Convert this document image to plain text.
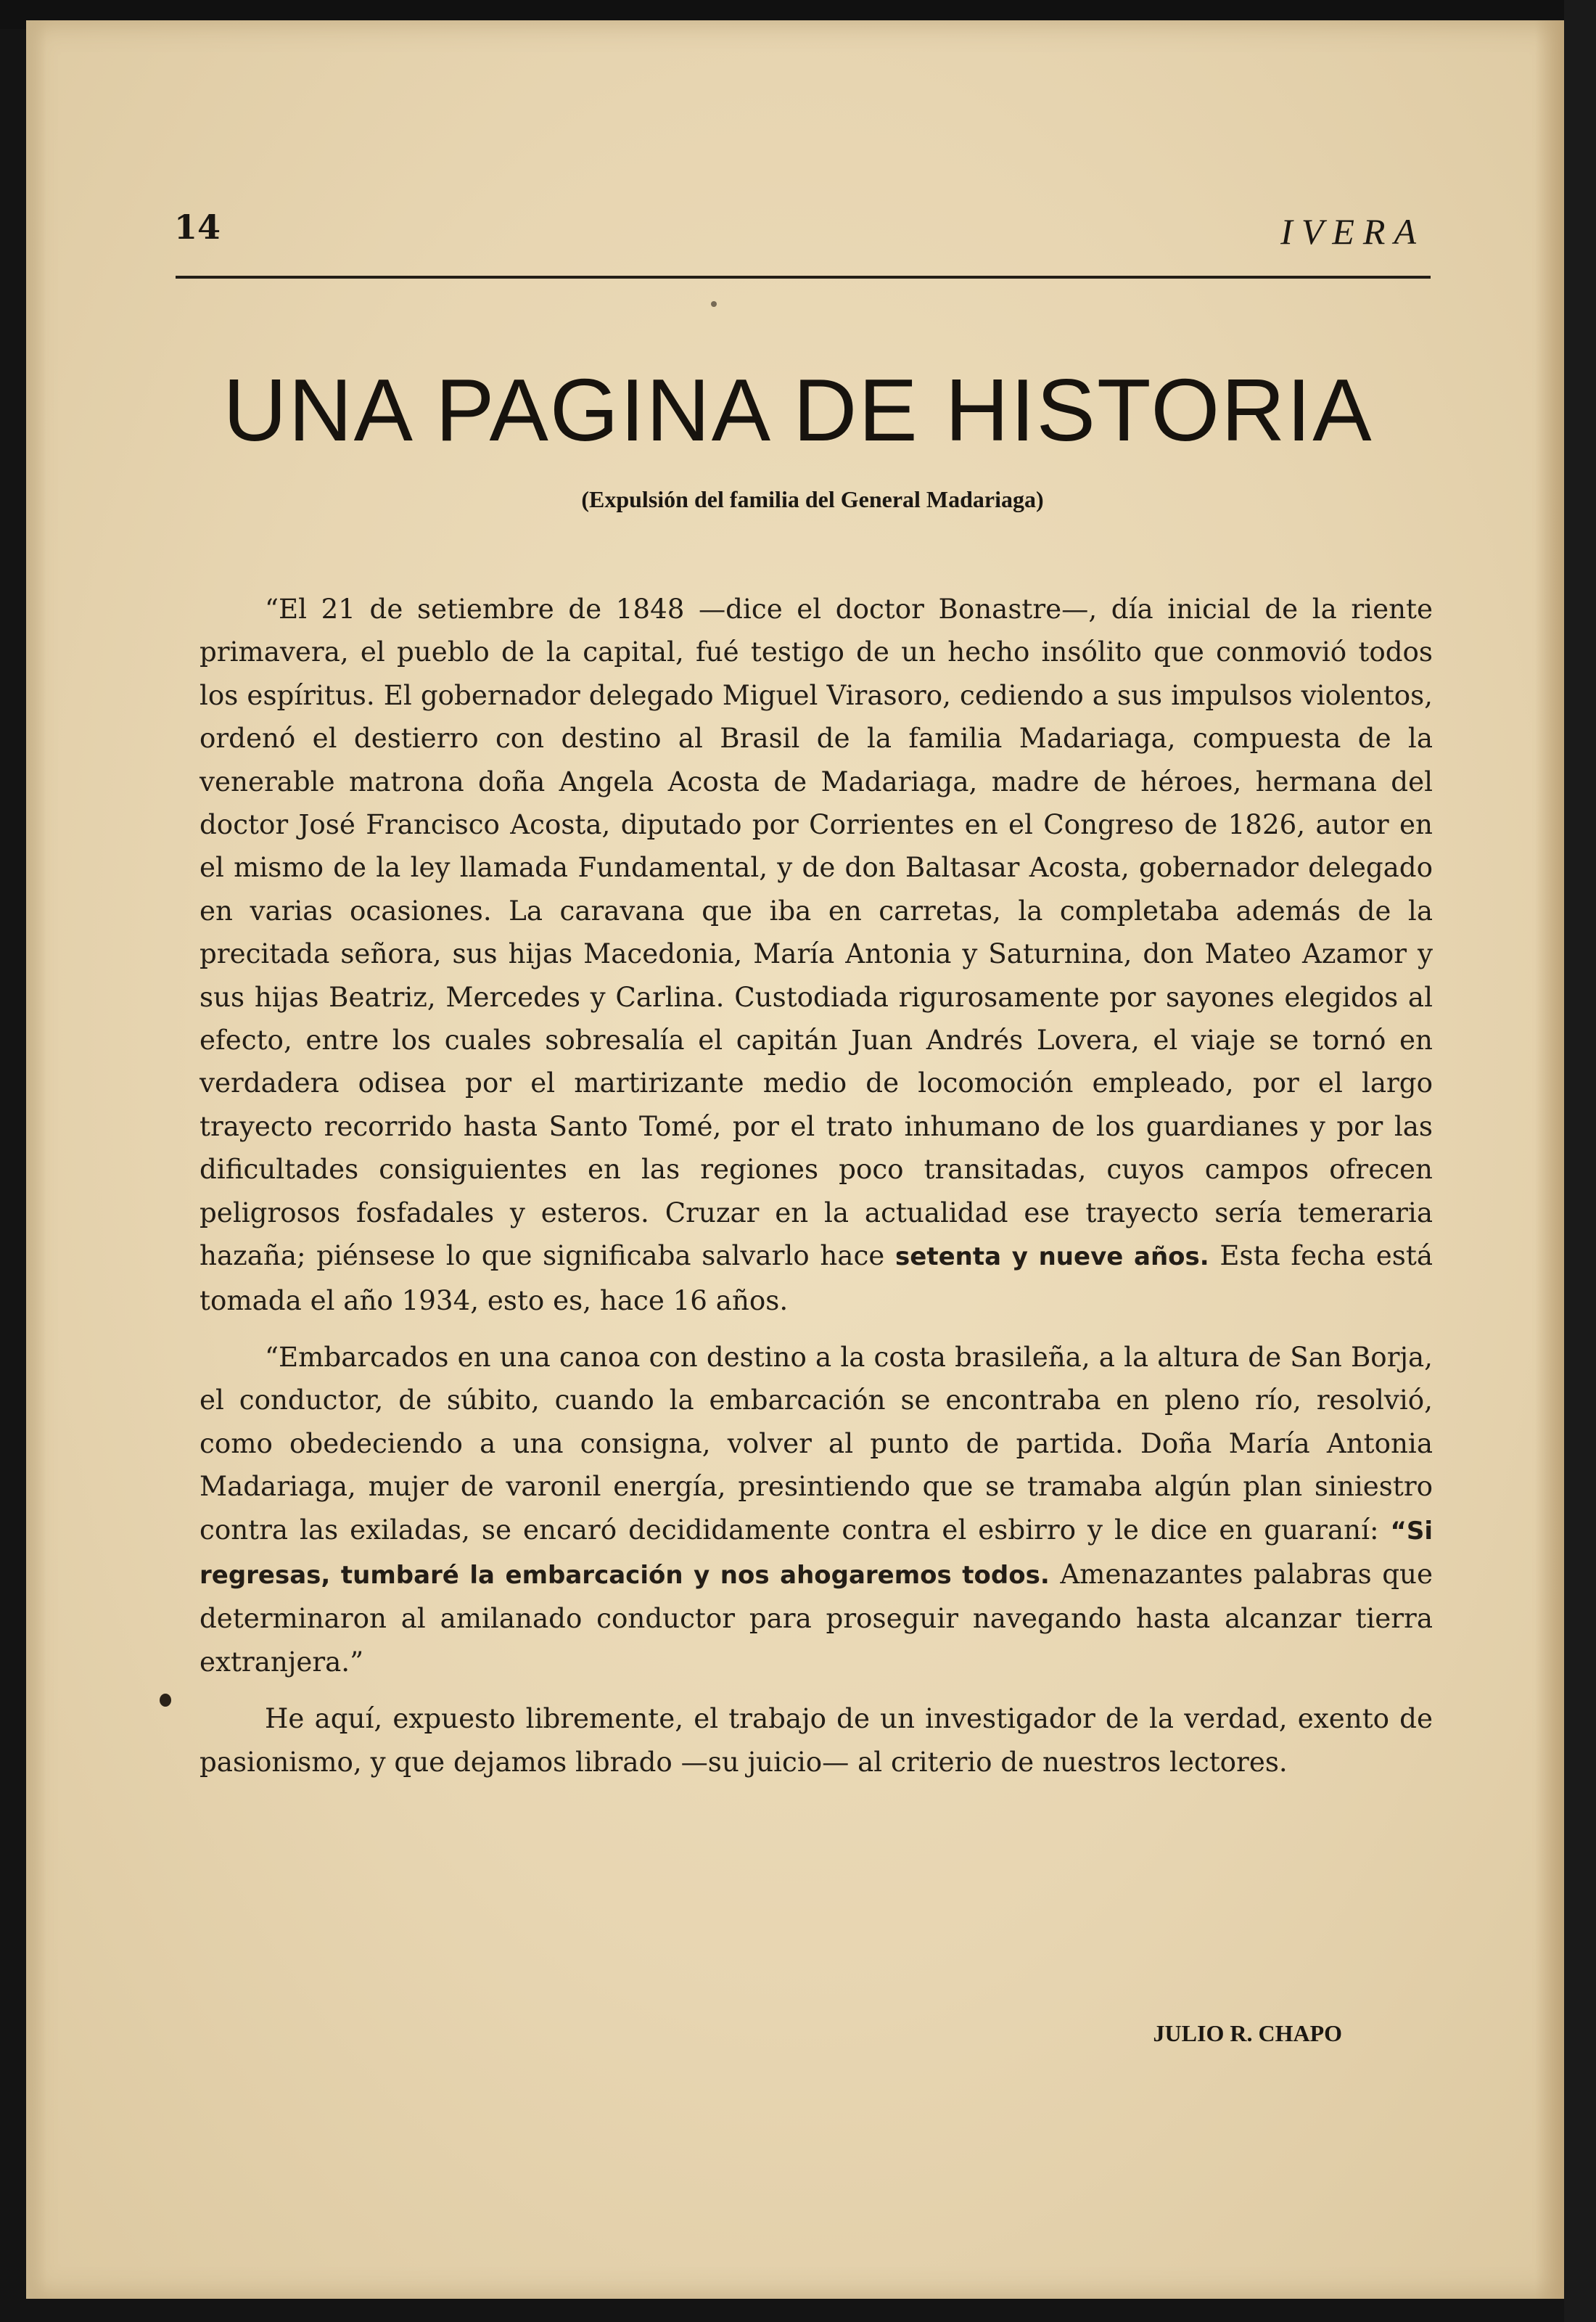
14	IVERA
UNA PAGINA DE HISTORIA
(Expulsión del familia del General Madariaga)

“El 21 de setiembre de 1848 —dice el doctor Bonastre—, día inicial de la riente primavera, el pueblo de la capital, fué testigo de un hecho insólito que conmovió todos los espíritus. El gobernador delegado Miguel Virasoro, cediendo a sus impulsos violentos, ordenó el destierro con destino al Brasil de la familia Madariaga, compuesta de la venerable matrona doña Angela Acosta de Madariaga, madre de héroes, hermana del doctor José Francisco Acosta, diputado por Corrientes en el Congreso de 1826, autor en el mismo de la ley llamada Fundamental, y de don Baltasar Acosta, gobernador delegado en varias ocasiones. La caravana que iba en carretas, la completaba además de la precitada señora, sus hijas Macedonia, María Antonia y Saturnina, don Mateo Azamor y sus hijas Beatriz, Mercedes y Carlina. Custodiada rigurosamente por sayones elegidos al efecto, entre los cuales sobresalía el capitán Juan Andrés Lovera, el viaje se tornó en verdadera odisea por el martirizante medio de locomoción empleado, por el largo trayecto recorrido hasta Santo Tomé, por el trato inhumano de los guardianes y por las dificultades consiguientes en las regiones poco transitadas, cuyos campos ofrecen peligrosos fosfadales y esteros. Cruzar en la actualidad ese trayecto sería temeraria hazaña; piénsese lo que significaba salvarlo hace setenta y nueve años. Esta fecha está tomada el año 1934, esto es, hace 16 años.

“Embarcados en una canoa con destino a la costa brasileña, a la altura de San Borja, el conductor, de súbito, cuando la embarcación se encontraba en pleno río, resolvió, como obedeciendo a una consigna, volver al punto de partida. Doña María Antonia Madariaga, mujer de varonil energía, presintiendo que se tramaba algún plan siniestro contra las exiladas, se encaró decididamente contra el esbirro y le dice en guaraní: “Si regresas, tumbaré la embarcación y nos ahogaremos todos. Amenazantes palabras que determinaron al amilanado conductor para proseguir navegando hasta alcanzar tierra extranjera.”

He aquí, expuesto libremente, el trabajo de un investigador de la verdad, exento de pasionismo, y que dejamos librado —su juicio— al criterio de nuestros lectores.

JULIO R. CHAPO
